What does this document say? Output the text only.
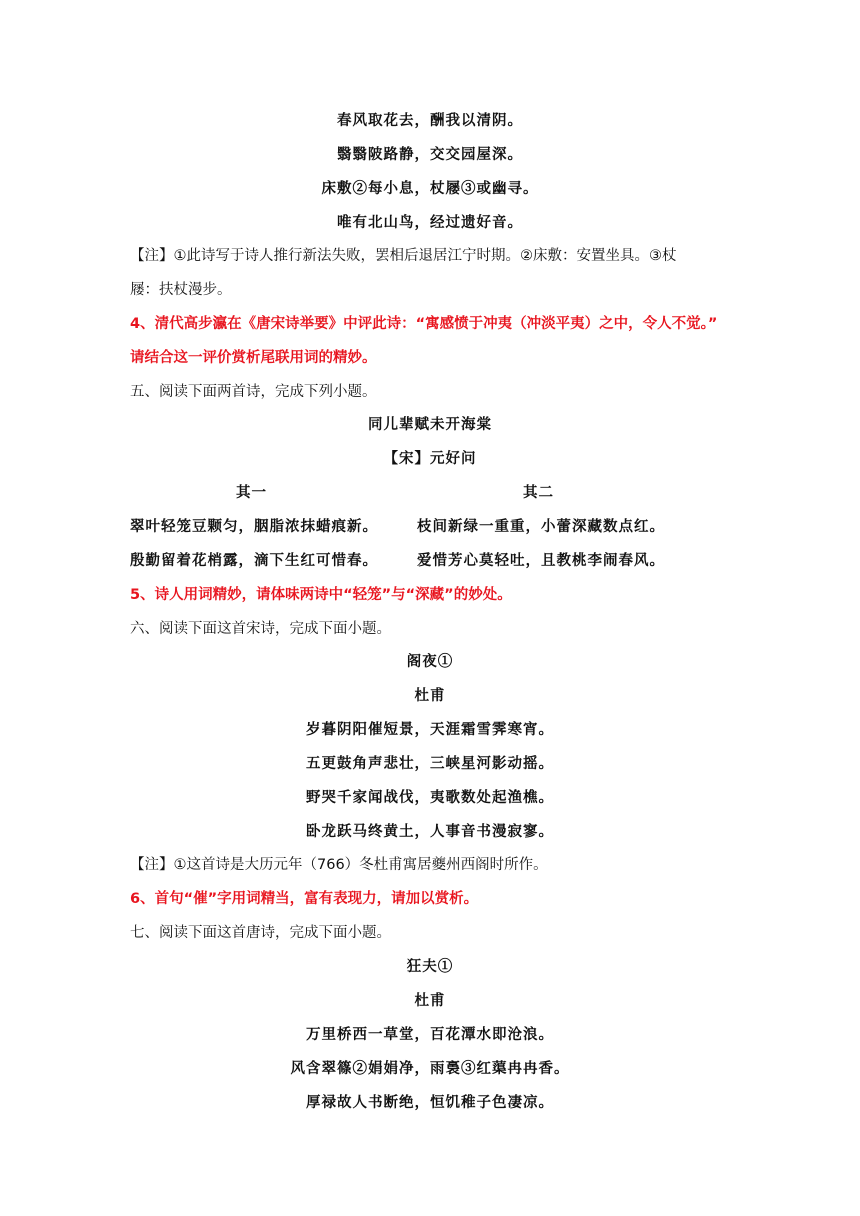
春风取花去，酬我以清阴。
翳翳陂路静，交交园屋深。
床敷②每小息，杖屦③或幽寻。
唯有北山鸟，经过遗好音。
【注】①此诗写于诗人推行新法失败，罢相后退居江宁时期。②床敷：安置坐具。③杖
屦：扶杖漫步。
4、清代高步瀛在《唐宋诗举要》中评此诗：“寓感愤于冲夷（冲淡平夷）之中，令人不觉。”
请结合这一评价赏析尾联用词的精妙。
五、阅读下面两首诗，完成下列小题。
同儿辈赋未开海棠
【宋】元好问
其一	其二
翠叶轻笼豆颗匀，胭脂浓抹蜡痕新。	枝间新绿一重重，小蕾深藏数点红。
殷勤留着花梢露，滴下生红可惜春。	爱惜芳心莫轻吐，且教桃李闹春风。
5、诗人用词精妙，请体味两诗中“轻笼”与“深藏”的妙处。
六、阅读下面这首宋诗，完成下面小题。
阁夜①
杜甫
岁暮阴阳催短景，天涯霜雪霁寒宵。
五更鼓角声悲壮，三峡星河影动摇。
野哭千家闻战伐，夷歌数处起渔樵。
卧龙跃马终黄土，人事音书漫寂寥。
【注】①这首诗是大历元年（766）冬杜甫寓居夔州西阁时所作。
6、首句“催”字用词精当，富有表现力，请加以赏析。
七、阅读下面这首唐诗，完成下面小题。
狂夫①
杜甫
万里桥西一草堂，百花潭水即沧浪。
风含翠篠②娟娟净，雨裛③红蕖冉冉香。
厚禄故人书断绝，恒饥稚子色凄凉。
